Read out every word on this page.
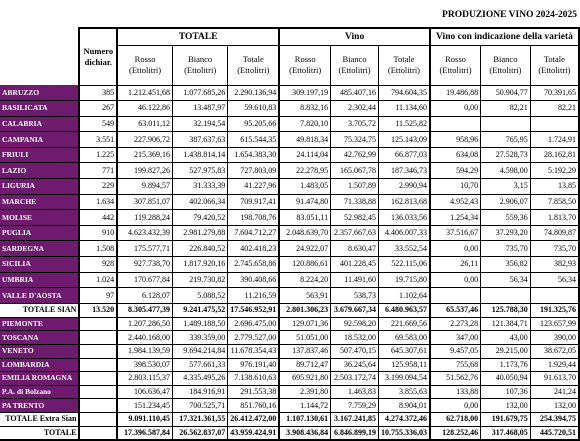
				PRODUZIONE VINO 2024-2025						

	Numero dichiar.	TOTALE			Vino			Vino con indicazione della varietà		
		Rosso (Ettolitri)	Bianco (Ettolitri)	Totale (Ettolitri)	Rosso (Ettolitri)	Bianco (Ettolitri)	Totale (Ettolitri)	Rosso (Ettolitri)	Bianco (Ettolitri)	Totale (Ettolitri)
ABRUZZO	385	1.212.451,68	1.077.685,26	2.290.136,94	309.197,19	485.407,16	794.604,35	19.486,88	50.904,77	70.391,65
BASILICATA	267	46.122,86	13.487,97	59.610,83	8.832,16	2.302,44	11.134,60	0,00	82,21	82,21
CALABRIA	549	63.011,12	32.194,54	95.205,66	7.820,10	3.705,72	11.525,82			
CAMPANIA	3.551	227.906,72	387.637,63	615.544,35	49.818,34	75.324,75	125.143,09	958,96	765,95	1.724,91
FRIULI	1.225	215.369,16	1.438.814,14	1.654.383,30	24.114,04	42.762,99	66.877,03	634,08	27.528,73	28.162,81
LAZIO	771	199.827,26	527.975,83	727.803,09	22.278,95	165.067,78	187.346,73	594,29	4.598,00	5.192,29
LIGURIA	229	9.894,57	31.333,39	41.227,96	1.483,05	1.507,89	2.990,94	10,70	3,15	13,85
MARCHE	1.634	307.851,07	402.066,34	709.917,41	91.474,80	71.338,88	162.813,68	4.952,43	2.906,07	7.858,50
MOLISE	442	119.288,24	79.420,52	198.708,76	83.051,11	52.982,45	136.033,56	1.254,34	559,36	1.813,70
PUGLIA	910	4.623.432,39	2.981.279,88	7.604.712,27	2.048.639,70	2.357.667,63	4.406.007,33	37.516,67	37.293,20	74.809,87
SARDEGNA	1.508	175.577,71	226.840,52	402.418,23	24.922,07	8.630,47	33.552,54	0,00	735,70	735,70
SICILIA	928	927.738,70	1.817.920,16	2.745.658,86	120.886,61	401.228,45	522.115,06	26,11	356,82	382,93
UMBRIA	1.024	170.677,84	219.730,82	390.408,66	8.224,20	11.491,60	19.715,80	0,00	56,34	56,34
VALLE D'AOSTA	97	6.128,07	5.088,52	11.216,59	563,91	538,73	1.102,64			
TOTALE SIAN	13.520	8.305.477,39	9.241.475,52	17.546.952,91	2.801.306,23	3.679.667,34	6.480.963,57	65.537,46	125.788,30	191.325,76
PIEMONTE		1.207.286,50	1.489.188,50	2.696.475,00	129.071,36	92.598,20	221.669,56	2.273,28	121.384,71	123.657,99
TOSCANA		2.440.168,00	339.359,00	2.779.527,00	51.051,00	18.532,00	69.583,00	347,00	43,00	390,00
VENETO		1.984.139,59	9.694.214,84	11.678.354,43	137.837,46	507.470,15	645.307,61	9.457,05	29.215,00	38.672,05
LOMBARDIA		398.530,07	577.661,33	976.191,40	89.712,47	36.245,64	125.958,11	755,68	1.173,76	1.929,44
EMILIA ROMAGNA		2.803.115,37	4.335.495,26	7.138.610,63	695.921,80	2.503.172,74	3.199.094,54	51.562,76	40.050,94	91.613,70
P.A. di Bolzano		106.636,47	184.916,91	291.553,38	2.391,80	1.463,83	3.855,63	133,88	107,36	241,24
PA TRENTO		151.234,45	700.525,71	851.760,16	1.144,72	7.759,29	8.904,01	0,00	132,00	132,00
TOTALE Extra Sian		9.091.110,45	17.321.361,55	26.412.472,00	1.107.130,61	3.167.241,85	4.274.372,46	62.718,00	191.679,75	254.394,75
TOTALE		17.396.587,84	26.562.837,07	43.959.424,91	3.908.436,84	6.846.899,19	10.755.336,03	128.252,46	317.468,05	445.720,51
